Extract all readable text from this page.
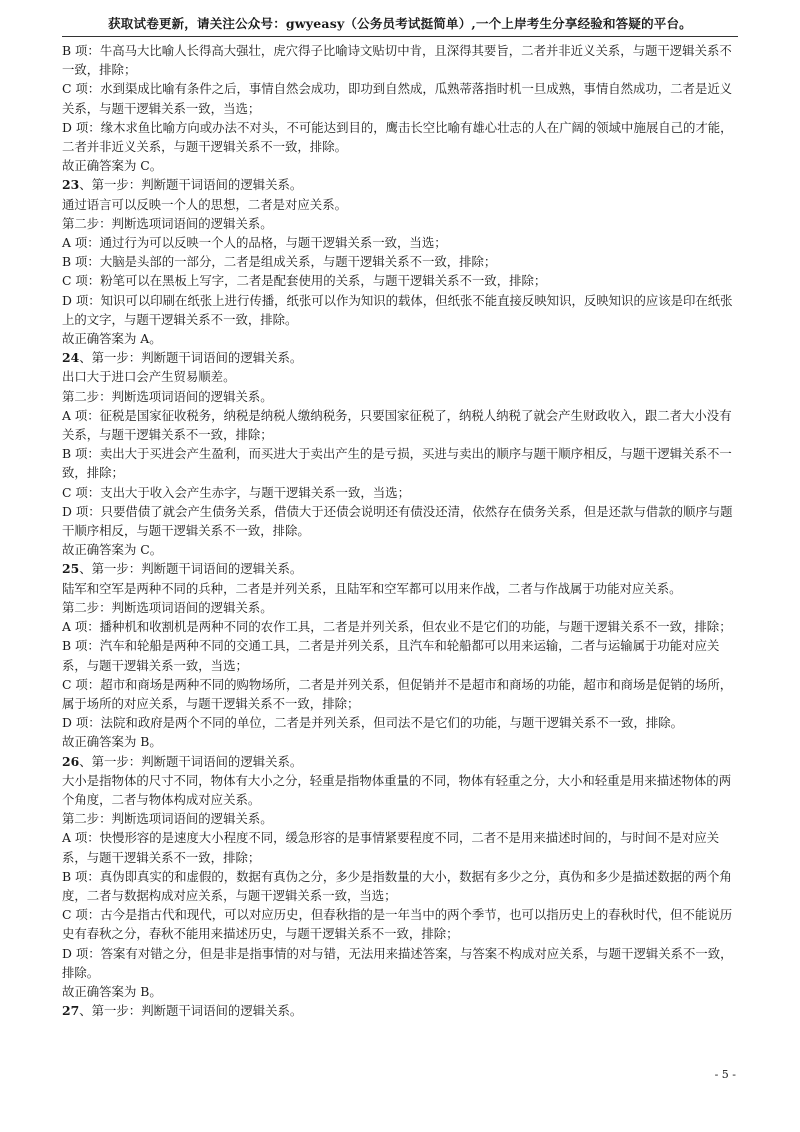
获取试卷更新，请关注公众号：gwyeasy（公务员考试挺简单）,一个上岸考生分享经验和答疑的平台。

B 项：牛高马大比喻人长得高大强壮，虎穴得子比喻诗文贴切中肯，且深得其要旨，二者并非近义关系，与题干逻辑关系不一致，排除；

C 项：水到渠成比喻有条件之后，事情自然会成功，即功到自然成，瓜熟蒂落指时机一旦成熟，事情自然成功，二者是近义关系，与题干逻辑关系一致，当选；

D 项：缘木求鱼比喻方向或办法不对头，不可能达到目的，鹰击长空比喻有雄心壮志的人在广阔的领域中施展自己的才能，二者并非近义关系，与题干逻辑关系不一致，排除。

故正确答案为 C。

23、第一步：判断题干词语间的逻辑关系。

通过语言可以反映一个人的思想，二者是对应关系。

第二步：判断选项词语间的逻辑关系。

A 项：通过行为可以反映一个人的品格，与题干逻辑关系一致，当选；

B 项：大脑是头部的一部分，二者是组成关系，与题干逻辑关系不一致，排除；

C 项：粉笔可以在黑板上写字，二者是配套使用的关系，与题干逻辑关系不一致，排除；

D 项：知识可以印刷在纸张上进行传播，纸张可以作为知识的载体，但纸张不能直接反映知识，反映知识的应该是印在纸张上的文字，与题干逻辑关系不一致，排除。

故正确答案为 A。

24、第一步：判断题干词语间的逻辑关系。

出口大于进口会产生贸易顺差。

第二步：判断选项词语间的逻辑关系。

A 项：征税是国家征收税务，纳税是纳税人缴纳税务，只要国家征税了，纳税人纳税了就会产生财政收入，跟二者大小没有关系，与题干逻辑关系不一致，排除；

B 项：卖出大于买进会产生盈利，而买进大于卖出产生的是亏损，买进与卖出的顺序与题干顺序相反，与题干逻辑关系不一致，排除；

C 项：支出大于收入会产生赤字，与题干逻辑关系一致，当选；

D 项：只要借债了就会产生债务关系，借债大于还债会说明还有债没还清，依然存在债务关系，但是还款与借款的顺序与题干顺序相反，与题干逻辑关系不一致，排除。

故正确答案为 C。

25、第一步：判断题干词语间的逻辑关系。

陆军和空军是两种不同的兵种，二者是并列关系，且陆军和空军都可以用来作战，二者与作战属于功能对应关系。

第二步：判断选项词语间的逻辑关系。

A 项：播种机和收割机是两种不同的农作工具，二者是并列关系，但农业不是它们的功能，与题干逻辑关系不一致，排除；

B 项：汽车和轮船是两种不同的交通工具，二者是并列关系，且汽车和轮船都可以用来运输，二者与运输属于功能对应关系，与题干逻辑关系一致，当选；

C 项：超市和商场是两种不同的购物场所，二者是并列关系，但促销并不是超市和商场的功能，超市和商场是促销的场所，属于场所的对应关系，与题干逻辑关系不一致，排除；

D 项：法院和政府是两个不同的单位，二者是并列关系，但司法不是它们的功能，与题干逻辑关系不一致，排除。

故正确答案为 B。

26、第一步：判断题干词语间的逻辑关系。

大小是指物体的尺寸不同，物体有大小之分，轻重是指物体重量的不同，物体有轻重之分，大小和轻重是用来描述物体的两个角度，二者与物体构成对应关系。

第二步：判断选项词语间的逻辑关系。

A 项：快慢形容的是速度大小程度不同，缓急形容的是事情紧要程度不同，二者不是用来描述时间的，与时间不是对应关系，与题干逻辑关系不一致，排除；

B 项：真伪即真实的和虚假的，数据有真伪之分，多少是指数量的大小，数据有多少之分，真伪和多少是描述数据的两个角度，二者与数据构成对应关系，与题干逻辑关系一致，当选；

C 项：古今是指古代和现代，可以对应历史，但春秋指的是一年当中的两个季节，也可以指历史上的春秋时代，但不能说历史有春秋之分，春秋不能用来描述历史，与题干逻辑关系不一致，排除；

D 项：答案有对错之分，但是非是指事情的对与错，无法用来描述答案，与答案不构成对应关系，与题干逻辑关系不一致，排除。

故正确答案为 B。

27、第一步：判断题干词语间的逻辑关系。

- 5 -
